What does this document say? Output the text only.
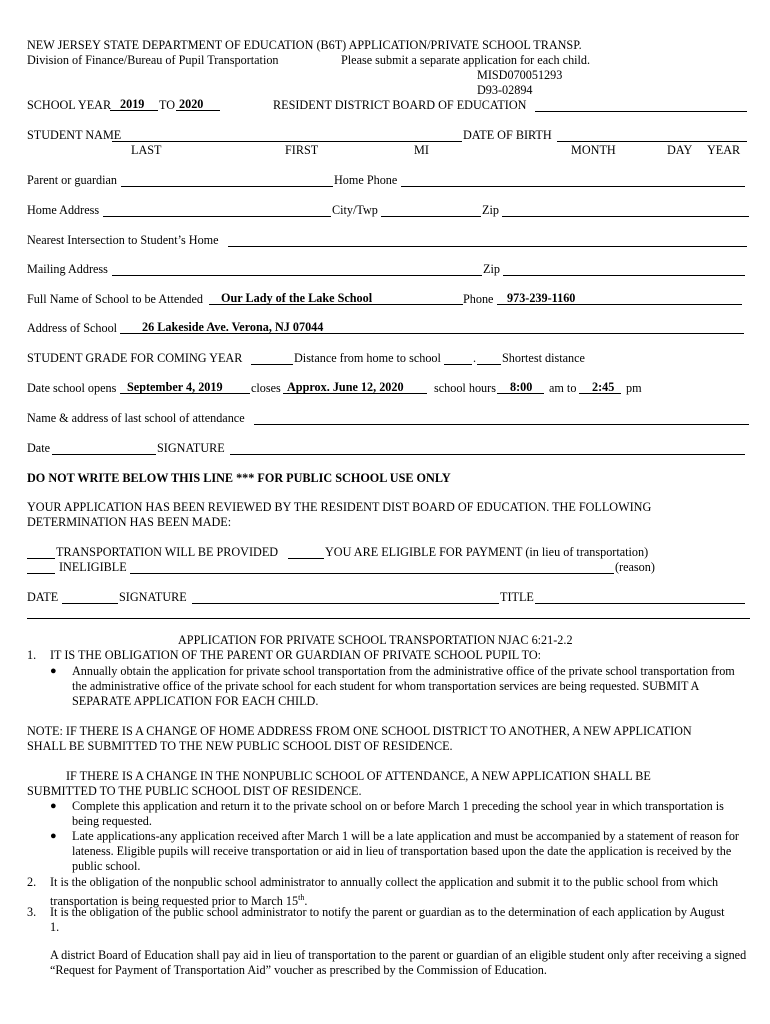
NEW JERSEY STATE DEPARTMENT OF EDUCATION (B6T) APPLICATION/PRIVATE SCHOOL TRANSP.
Division of Finance/Bureau of Pupil Transportation	Please submit a separate application for each child.
MISD070051293
D93-02894
SCHOOL YEAR 2019 TO 2020	RESIDENT DISTRICT BOARD OF EDUCATION
STUDENT NAME	DATE OF BIRTH
LAST	FIRST	MI	MONTH	DAY YEAR
Parent or guardian	Home Phone
Home Address	City/Twp	Zip
Nearest Intersection to Student’s Home
Mailing Address	Zip
Full Name of School to be Attended Our Lady of the Lake School	Phone 973-239-1160
Address of School 26 Lakeside Ave. Verona, NJ 07044
STUDENT GRADE FOR COMING YEAR	Distance from home to school	. Shortest distance
Date school opens September 4, 2019 closes Approx. June 12, 2020 school hours 8:00 am to 2:45 pm
Name & address of last school of attendance
Date	SIGNATURE
DO NOT WRITE BELOW THIS LINE *** FOR PUBLIC SCHOOL USE ONLY
YOUR APPLICATION HAS BEEN REVIEWED BY THE RESIDENT DIST BOARD OF EDUCATION. THE FOLLOWING
DETERMINATION HAS BEEN MADE:
TRANSPORTATION WILL BE PROVIDED	YOU ARE ELIGIBLE FOR PAYMENT (in lieu of transportation)
INELIGIBLE	(reason)
DATE	SIGNATURE	TITLE
APPLICATION FOR PRIVATE SCHOOL TRANSPORTATION NJAC 6:21-2.2
1. IT IS THE OBLIGATION OF THE PARENT OR GUARDIAN OF PRIVATE SCHOOL PUPIL TO:
● Annually obtain the application for private school transportation from the administrative office of the private school transportation from the administrative office of the private school for each student for whom transportation services are being requested. SUBMIT A SEPARATE APPLICATION FOR EACH CHILD.
NOTE: IF THERE IS A CHANGE OF HOME ADDRESS FROM ONE SCHOOL DISTRICT TO ANOTHER, A NEW APPLICATION
SHALL BE SUBMITTED TO THE NEW PUBLIC SCHOOL DIST OF RESIDENCE.
IF THERE IS A CHANGE IN THE NONPUBLIC SCHOOL OF ATTENDANCE, A NEW APPLICATION SHALL BE
SUBMITTED TO THE PUBLIC SCHOOL DIST OF RESIDENCE.
● Complete this application and return it to the private school on or before March 1 preceding the school year in which transportation is being requested.
● Late applications-any application received after March 1 will be a late application and must be accompanied by a statement of reason for lateness. Eligible pupils will receive transportation or aid in lieu of transportation based upon the date the application is received by the public school.
2. It is the obligation of the nonpublic school administrator to annually collect the application and submit it to the public school from which transportation is being requested prior to March 15th.
3. It is the obligation of the public school administrator to notify the parent or guardian as to the determination of each application by August 1.
A district Board of Education shall pay aid in lieu of transportation to the parent or guardian of an eligible student only after receiving a signed “Request for Payment of Transportation Aid” voucher as prescribed by the Commission of Education.
